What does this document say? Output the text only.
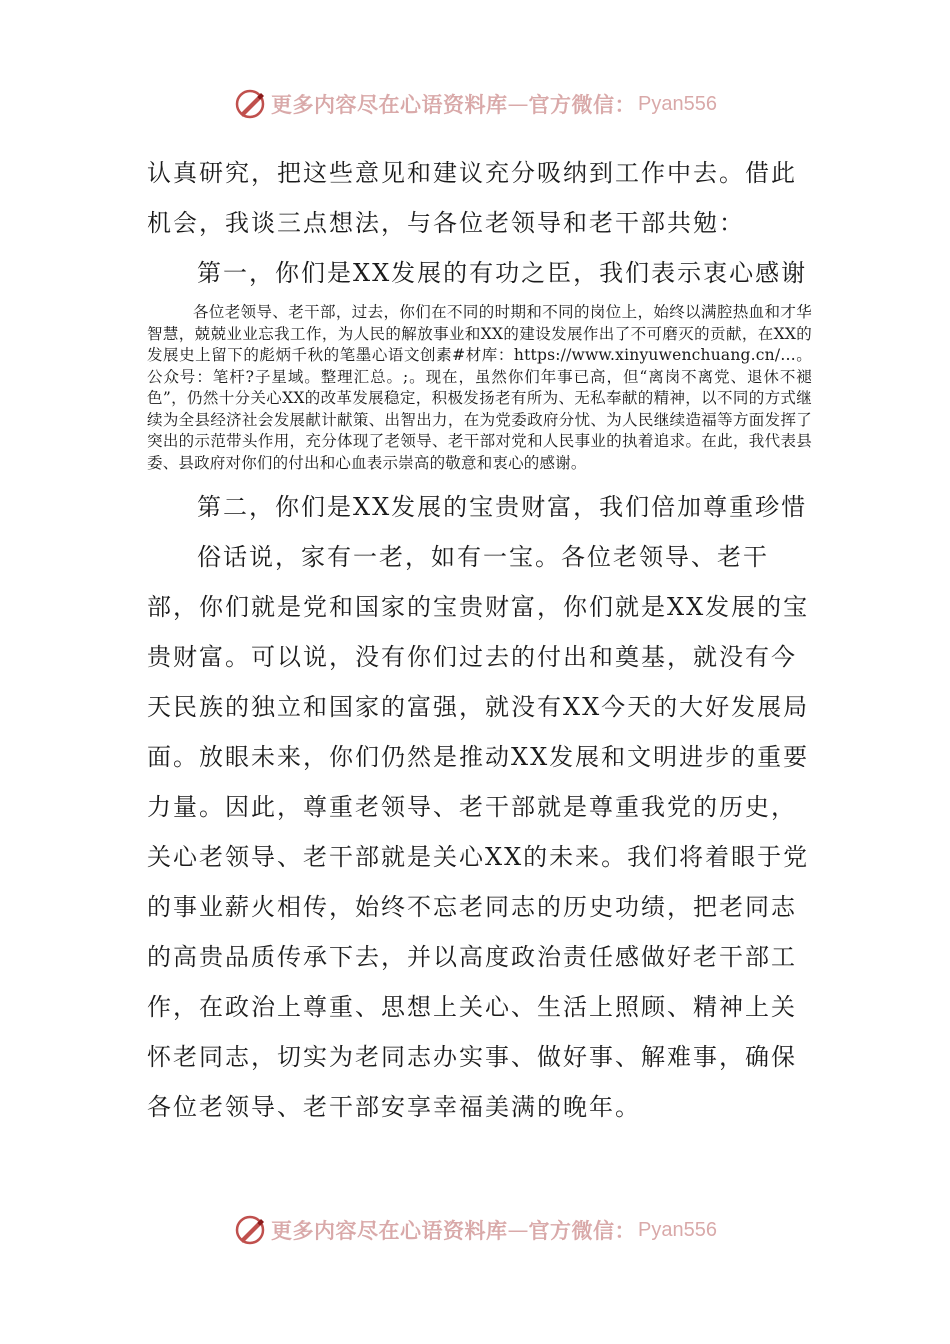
更多内容尽在心语资料库 — 官方微信： Pyan556

认真研究，把这些意见和建议充分吸纳到工作中去。借此

机会，我谈三点想法，与各位老领导和老干部共勉：

第一，你们是XX发展的有功之臣，我们表示衷心感谢

各位老领导、老干部，过去，你们在不同的时期和不同的岗位上，始终以满腔热血和才华智慧，兢兢业业忘我工作，为人民的解放事业和XX的建设发展作出了不可磨灭的贡献，在XX的发展史上留下的彪炳千秋的笔墨心语文创素#材库：https://www.xinyuwenchuang.cn/…。公众号：笔杆?子星域。整理汇总。;。现在，虽然你们年事已高，但“离岗不离党、退休不褪色”，仍然十分关心XX的改革发展稳定，积极发扬老有所为、无私奉献的精神，以不同的方式继续为全县经济社会发展献计献策、出智出力，在为党委政府分忧、为人民继续造福等方面发挥了突出的示范带头作用，充分体现了老领导、老干部对党和人民事业的执着追求。在此，我代表县委、县政府对你们的付出和心血表示崇高的敬意和衷心的感谢。

第二，你们是XX发展的宝贵财富，我们倍加尊重珍惜

俗话说，家有一老，如有一宝。各位老领导、老干部，你们就是党和国家的宝贵财富，你们就是XX发展的宝贵财富。可以说，没有你们过去的付出和奠基，就没有今天民族的独立和国家的富强，就没有XX今天的大好发展局面。放眼未来，你们仍然是推动XX发展和文明进步的重要力量。因此，尊重老领导、老干部就是尊重我党的历史，关心老领导、老干部就是关心XX的未来。我们将着眼于党的事业薪火相传，始终不忘老同志的历史功绩，把老同志的高贵品质传承下去，并以高度政治责任感做好老干部工作，在政治上尊重、思想上关心、生活上照顾、精神上关怀老同志，切实为老同志办实事、做好事、解难事，确保各位老领导、老干部安享幸福美满的晚年。

更多内容尽在心语资料库 — 官方微信： Pyan556
